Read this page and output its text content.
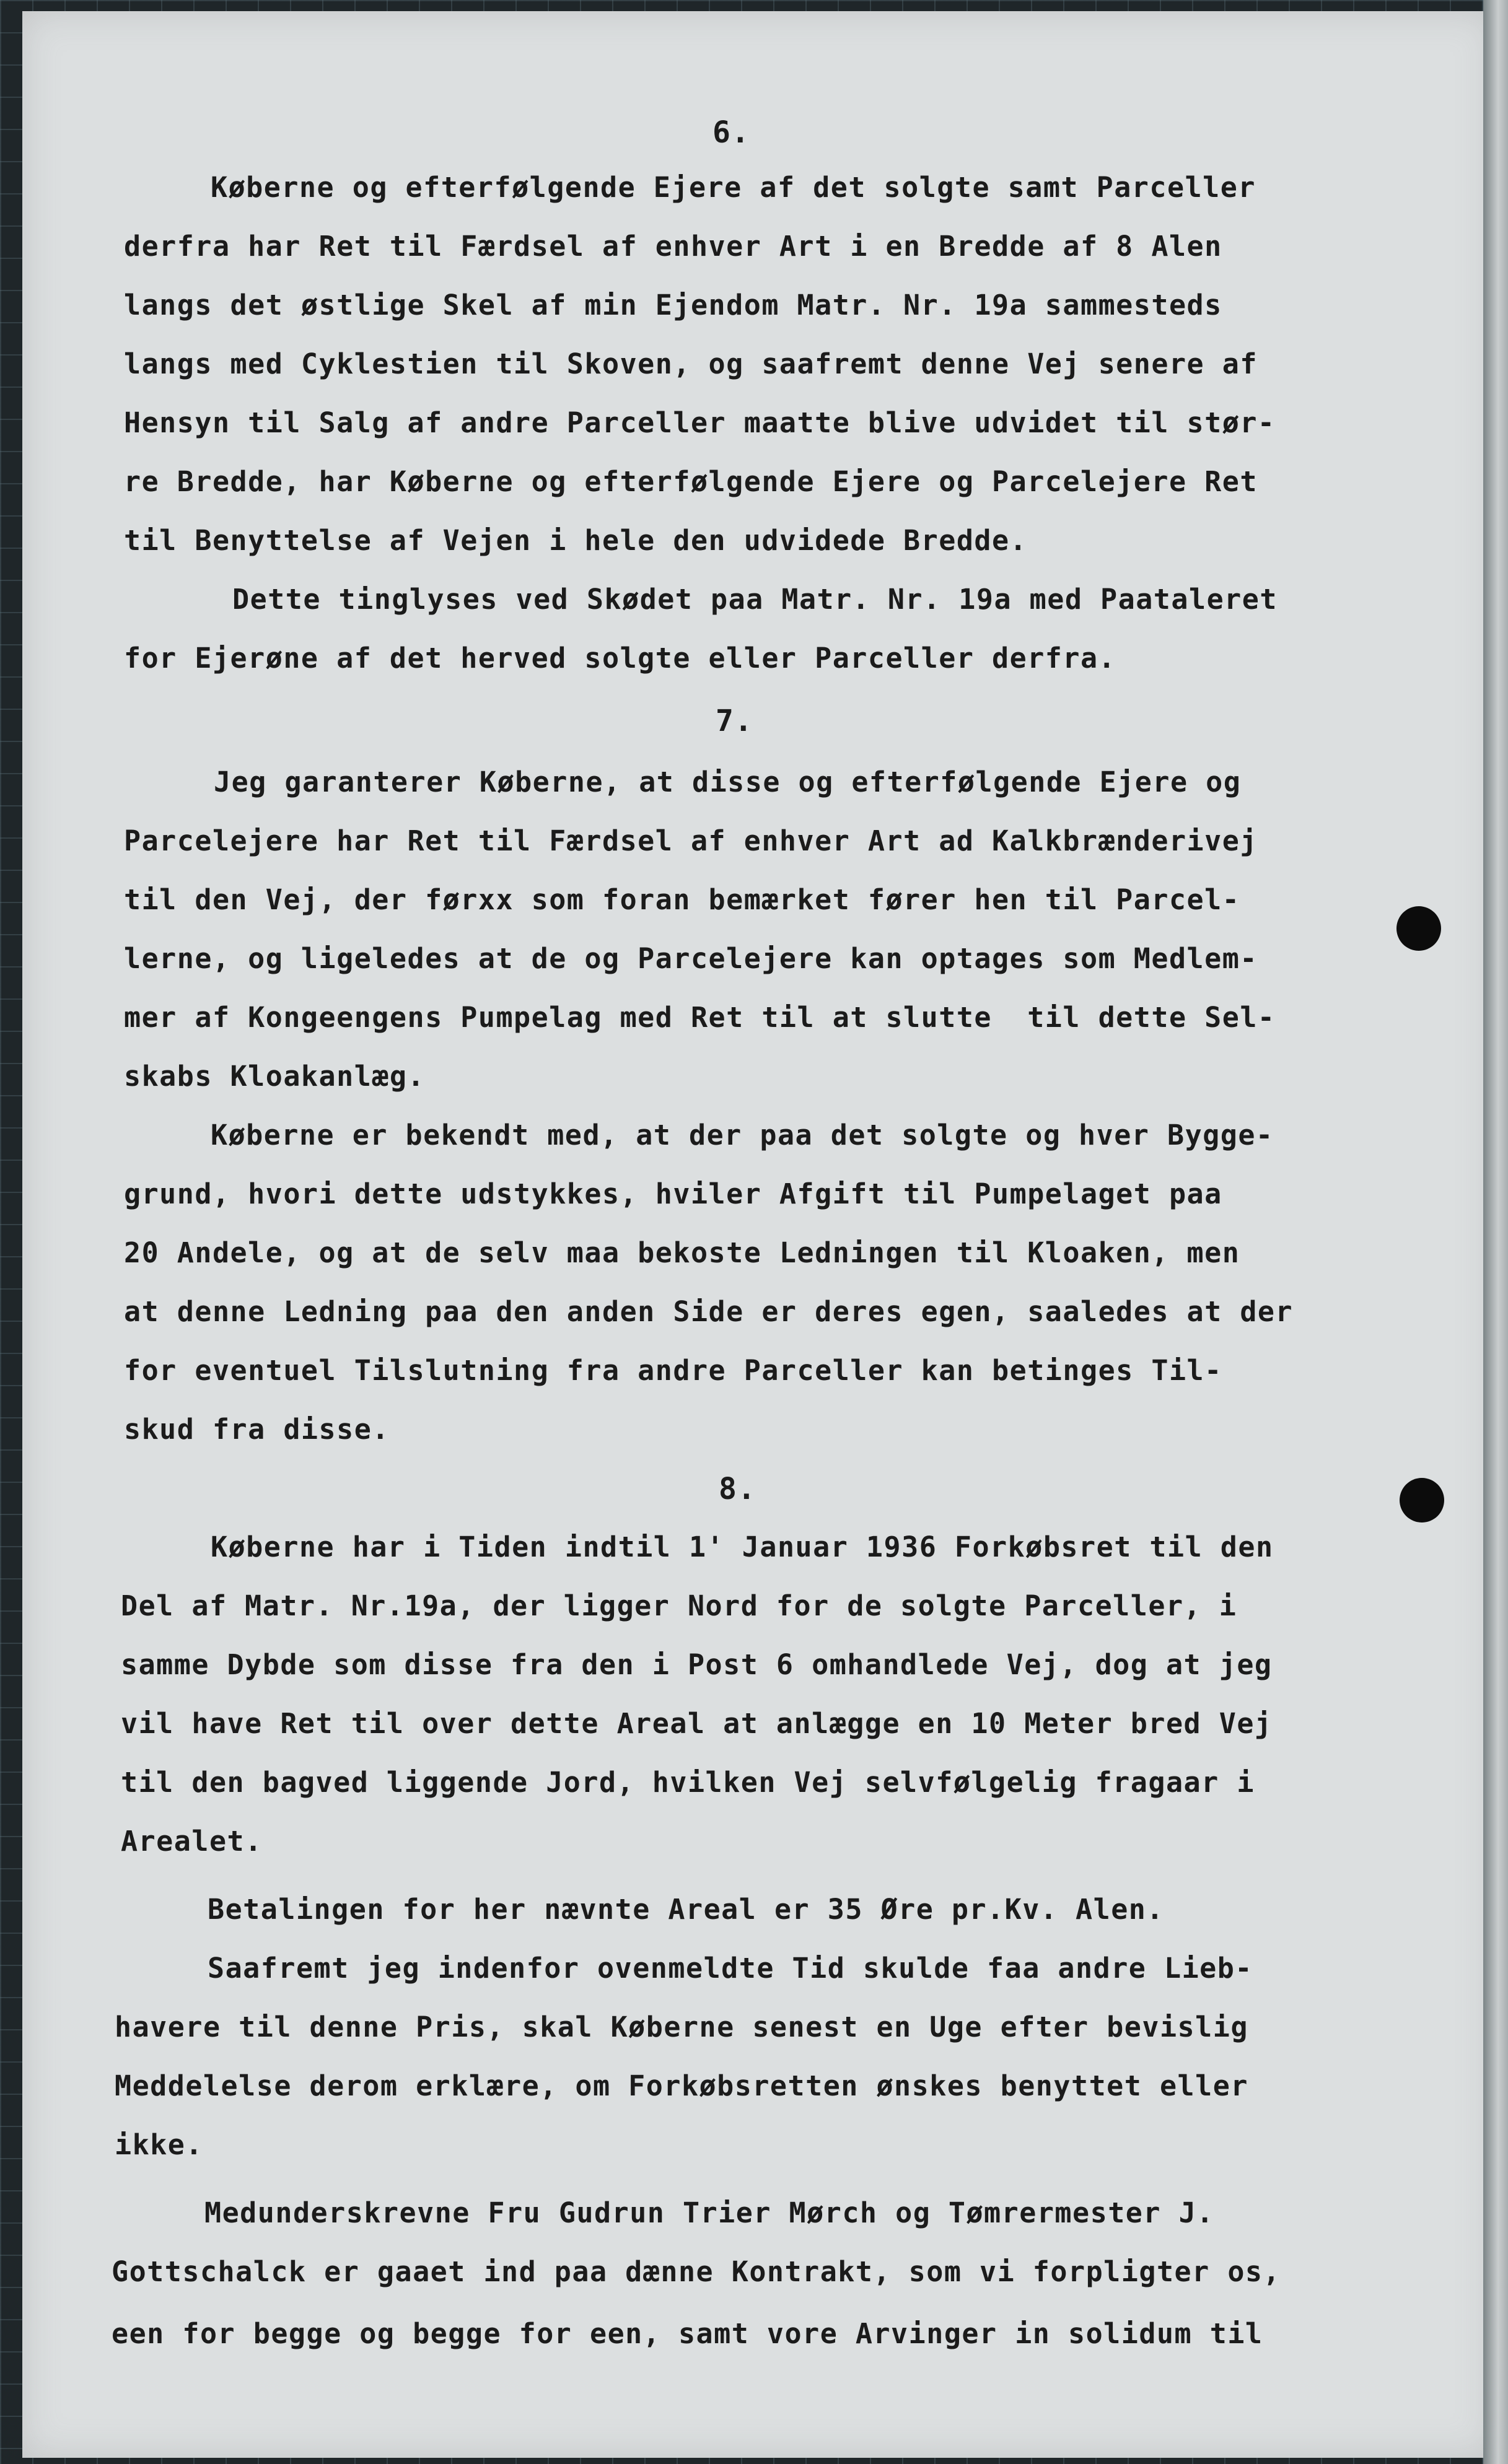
6.
Køberne og efterfølgende Ejere af det solgte samt Parceller
derfra har Ret til Færdsel af enhver Art i en Bredde af 8 Alen
langs det østlige Skel af min Ejendom Matr. Nr. 19a sammesteds
langs med Cyklestien til Skoven, og saafremt denne Vej senere af
Hensyn til Salg af andre Parceller maatte blive udvidet til stør-
re Bredde, har Køberne og efterfølgende Ejere og Parcelejere Ret
til Benyttelse af Vejen i hele den udvidede Bredde.
Dette tinglyses ved Skødet paa Matr. Nr. 19a med Paataleret
for Ejerøne af det herved solgte eller Parceller derfra.
7.
Jeg garanterer Køberne, at disse og efterfølgende Ejere og
Parcelejere har Ret til Færdsel af enhver Art ad Kalkbrænderivej
til den Vej, der førxx som foran bemærket fører hen til Parcel-
lerne, og ligeledes at de og Parcelejere kan optages som Medlem-
mer af Kongeengens Pumpelag med Ret til at slutte  til dette Sel-
skabs Kloakanlæg.
Køberne er bekendt med, at der paa det solgte og hver Bygge-
grund, hvori dette udstykkes, hviler Afgift til Pumpelaget paa
20 Andele, og at de selv maa bekoste Ledningen til Kloaken, men
at denne Ledning paa den anden Side er deres egen, saaledes at der
for eventuel Tilslutning fra andre Parceller kan betinges Til-
skud fra disse.
8.
Køberne har i Tiden indtil 1' Januar 1936 Forkøbsret til den
Del af Matr. Nr.19a, der ligger Nord for de solgte Parceller, i
samme Dybde som disse fra den i Post 6 omhandlede Vej, dog at jeg
vil have Ret til over dette Areal at anlægge en 10 Meter bred Vej
til den bagved liggende Jord, hvilken Vej selvfølgelig fragaar i
Arealet.
Betalingen for her nævnte Areal er 35 Øre pr.Kv. Alen.
Saafremt jeg indenfor ovenmeldte Tid skulde faa andre Lieb-
havere til denne Pris, skal Køberne senest en Uge efter bevislig
Meddelelse derom erklære, om Forkøbsretten ønskes benyttet eller
ikke.
Medunderskrevne Fru Gudrun Trier Mørch og Tømrermester J.
Gottschalck er gaaet ind paa dænne Kontrakt, som vi forpligter os,
een for begge og begge for een, samt vore Arvinger in solidum til
